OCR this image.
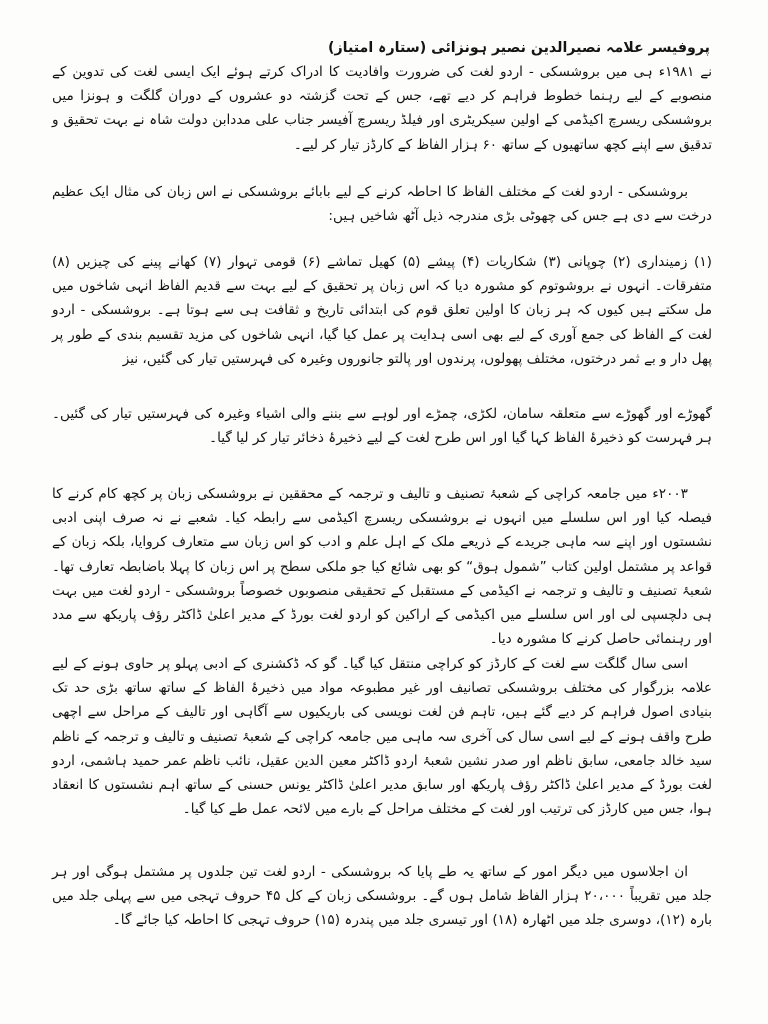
پروفیسر علامہ نصیرالدین نصیر ہونزائی (ستارہ امتیاز)

نے ۱۹۸۱ء ہی میں بروشسکی - اردو لغت کی ضرورت وافادیت کا ادراک کرتے ہوئے ایک ایسی لغت کی تدوین کے منصوبے کے لیے رہنما خطوط فراہم کر دیے تھے، جس کے تحت گزشتہ دو عشروں کے دوران گلگت و ہونزا میں بروشسکی ریسرچ اکیڈمی کے اولین سیکریٹری اور فیلڈ ریسرچ آفیسر جناب علی مددابن دولت شاہ نے بہت تحقیق و تدقیق سے اپنے کچھ ساتھیوں کے ساتھ ۶۰ ہزار الفاظ کے کارڈز تیار کر لیے۔

بروشسکی - اردو لغت کے مختلف الفاظ کا احاطہ کرنے کے لیے بابائے بروشسکی نے اس زبان کی مثال ایک عظیم درخت سے دی ہے جس کی چھوٹی بڑی مندرجہ ذیل آٹھ شاخیں ہیں:

(۱) زمینداری (۲) چوپانی (۳) شکاریات (۴) پیشے (۵) کھیل تماشے (۶) قومی تہوار (۷) کھانے پینے کی چیزیں (۸) متفرقات۔ انہوں نے بروشوتوم کو مشورہ دیا کہ اس زبان پر تحقیق کے لیے بہت سے قدیم الفاظ انہی شاخوں میں مل سکتے ہیں کیوں کہ ہر زبان کا اولین تعلق قوم کی ابتدائی تاریخ و ثقافت ہی سے ہوتا ہے۔ بروشسکی - اردو لغت کے الفاظ کی جمع آوری کے لیے بھی اسی ہدایت پر عمل کیا گیا، انہی شاخوں کی مزید تقسیم بندی کے طور پر پھل دار و بے ثمر درختوں، مختلف پھولوں، پرندوں اور پالتو جانوروں وغیرہ کی فہرستیں تیار کی گئیں، نیز

گھوڑے اور گھوڑے سے متعلقہ سامان، لکڑی، چمڑے اور لوہے سے بننے والی اشیاء وغیرہ کی فہرستیں تیار کی گئیں۔ ہر فہرست کو ذخیرۂ الفاظ کہا گیا اور اس طرح لغت کے لیے ذخیرۂ ذخائر تیار کر لیا گیا۔

۲۰۰۳ء میں جامعہ کراچی کے شعبۂ تصنیف و تالیف و ترجمہ کے محققین نے بروشسکی زبان پر کچھ کام کرنے کا فیصلہ کیا اور اس سلسلے میں انہوں نے بروشسکی ریسرچ اکیڈمی سے رابطہ کیا۔ شعبے نے نہ صرف اپنی ادبی نشستوں اور اپنے سہ ماہی جریدے کے ذریعے ملک کے اہل علم و ادب کو اس زبان سے متعارف کروایا، بلکہ زبان کے قواعد پر مشتمل اولین کتاب ”شمول ہوق“ کو بھی شائع کیا جو ملکی سطح پر اس زبان کا پہلا باضابطہ تعارف تھا۔ شعبۂ تصنیف و تالیف و ترجمہ نے اکیڈمی کے مستقبل کے تحقیقی منصوبوں خصوصاً بروشسکی - اردو لغت میں بہت ہی دلچسپی لی اور اس سلسلے میں اکیڈمی کے اراکین کو اردو لغت بورڈ کے مدیر اعلیٰ ڈاکٹر رؤف پاریکھ سے مدد اور رہنمائی حاصل کرنے کا مشورہ دیا۔

اسی سال گلگت سے لغت کے کارڈز کو کراچی منتقل کیا گیا۔ گو کہ ڈکشنری کے ادبی پہلو پر حاوی ہونے کے لیے علامہ بزرگوار کی مختلف بروشسکی تصانیف اور غیر مطبوعہ مواد میں ذخیرۂ الفاظ کے ساتھ ساتھ بڑی حد تک بنیادی اصول فراہم کر دیے گئے ہیں، تاہم فن لغت نویسی کی باریکیوں سے آگاہی اور تالیف کے مراحل سے اچھی طرح واقف ہونے کے لیے اسی سال کی آخری سہ ماہی میں جامعہ کراچی کے شعبۂ تصنیف و تالیف و ترجمہ کے ناظم سید خالد جامعی، سابق ناظم اور صدر نشین شعبۂ اردو ڈاکٹر معین الدین عقیل، نائب ناظم عمر حمید ہاشمی، اردو لغت بورڈ کے مدیر اعلیٰ ڈاکٹر رؤف پاریکھ اور سابق مدیر اعلیٰ ڈاکٹر یونس حسنی کے ساتھ اہم نشستوں کا انعقاد ہوا، جس میں کارڈز کی ترتیب اور لغت کے مختلف مراحل کے بارے میں لائحہ عمل طے کیا گیا۔

ان اجلاسوں میں دیگر امور کے ساتھ یہ طے پایا کہ بروشسکی - اردو لغت تین جلدوں پر مشتمل ہوگی اور ہر جلد میں تقریباً ۲۰،۰۰۰ ہزار الفاظ شامل ہوں گے۔ بروشسکی زبان کے کل ۴۵ حروف تہجی میں سے پہلی جلد میں بارہ (۱۲)، دوسری جلد میں اٹھارہ (۱۸) اور تیسری جلد میں پندرہ (۱۵) حروف تہجی کا احاطہ کیا جائے گا۔
